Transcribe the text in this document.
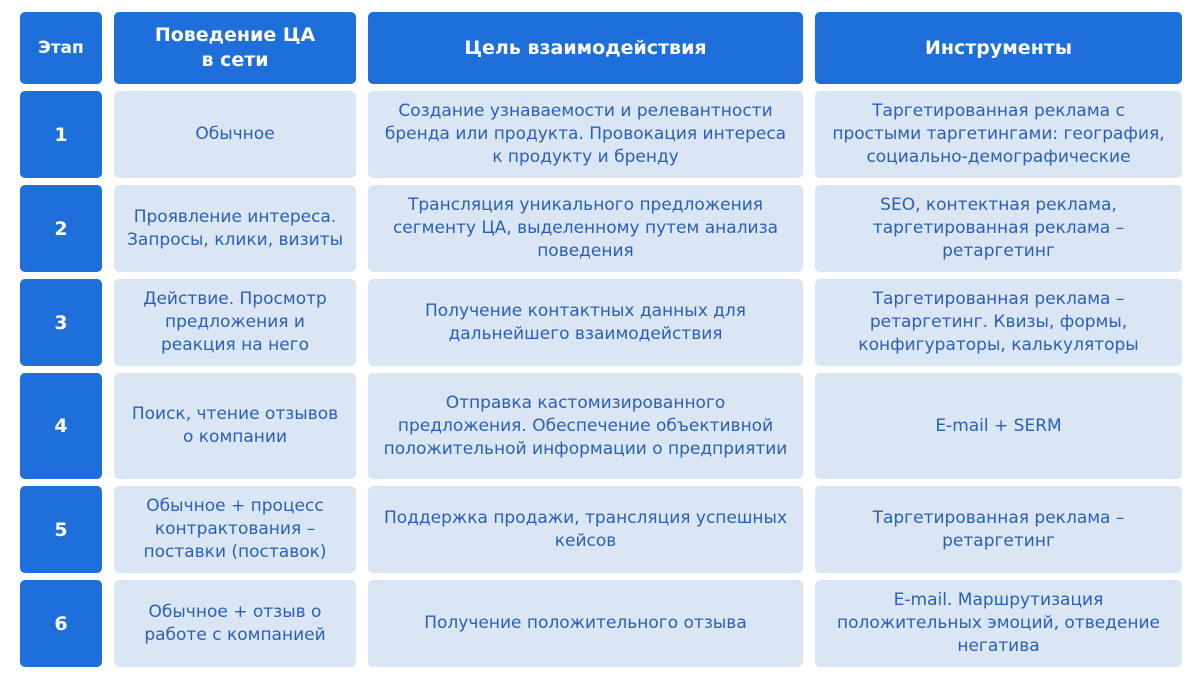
Этап
Поведение ЦА в сети
Цель взаимодействия	Инструменты
1	Обычное
Создание узнаваемости и релевантности бренда или продукта. Провокация интереса к продукту и бренду
Таргетированная реклама с простыми таргетингами: география, социально-демографические
2
Проявление интереса. Запросы, клики, визиты
Трансляция уникального предложения сегменту ЦА, выделенному путем анализа поведения
SEO, контектная реклама, таргетированная реклама – ретаргетинг
3
Действие. Просмотр предложения и реакция на него
Получение контактных данных для дальнейшего взаимодействия
Таргетированная реклама – ретаргетинг. Квизы, формы, конфигураторы, калькуляторы
4
Поиск, чтение отзывов о компании
Отправка кастомизированного предложения. Обеспечение объективной положительной информации о предприятии
E-mail + SERM
5
Обычное + процесс контрактования – поставки (поставок)
Поддержка продажи, трансляция успешных кейсов
Таргетированная реклама – ретаргетинг
6
Обычное + отзыв о работе с компанией
Получение положительного отзыва
E-mail. Маршрутизация положительных эмоций, отведение негатива
